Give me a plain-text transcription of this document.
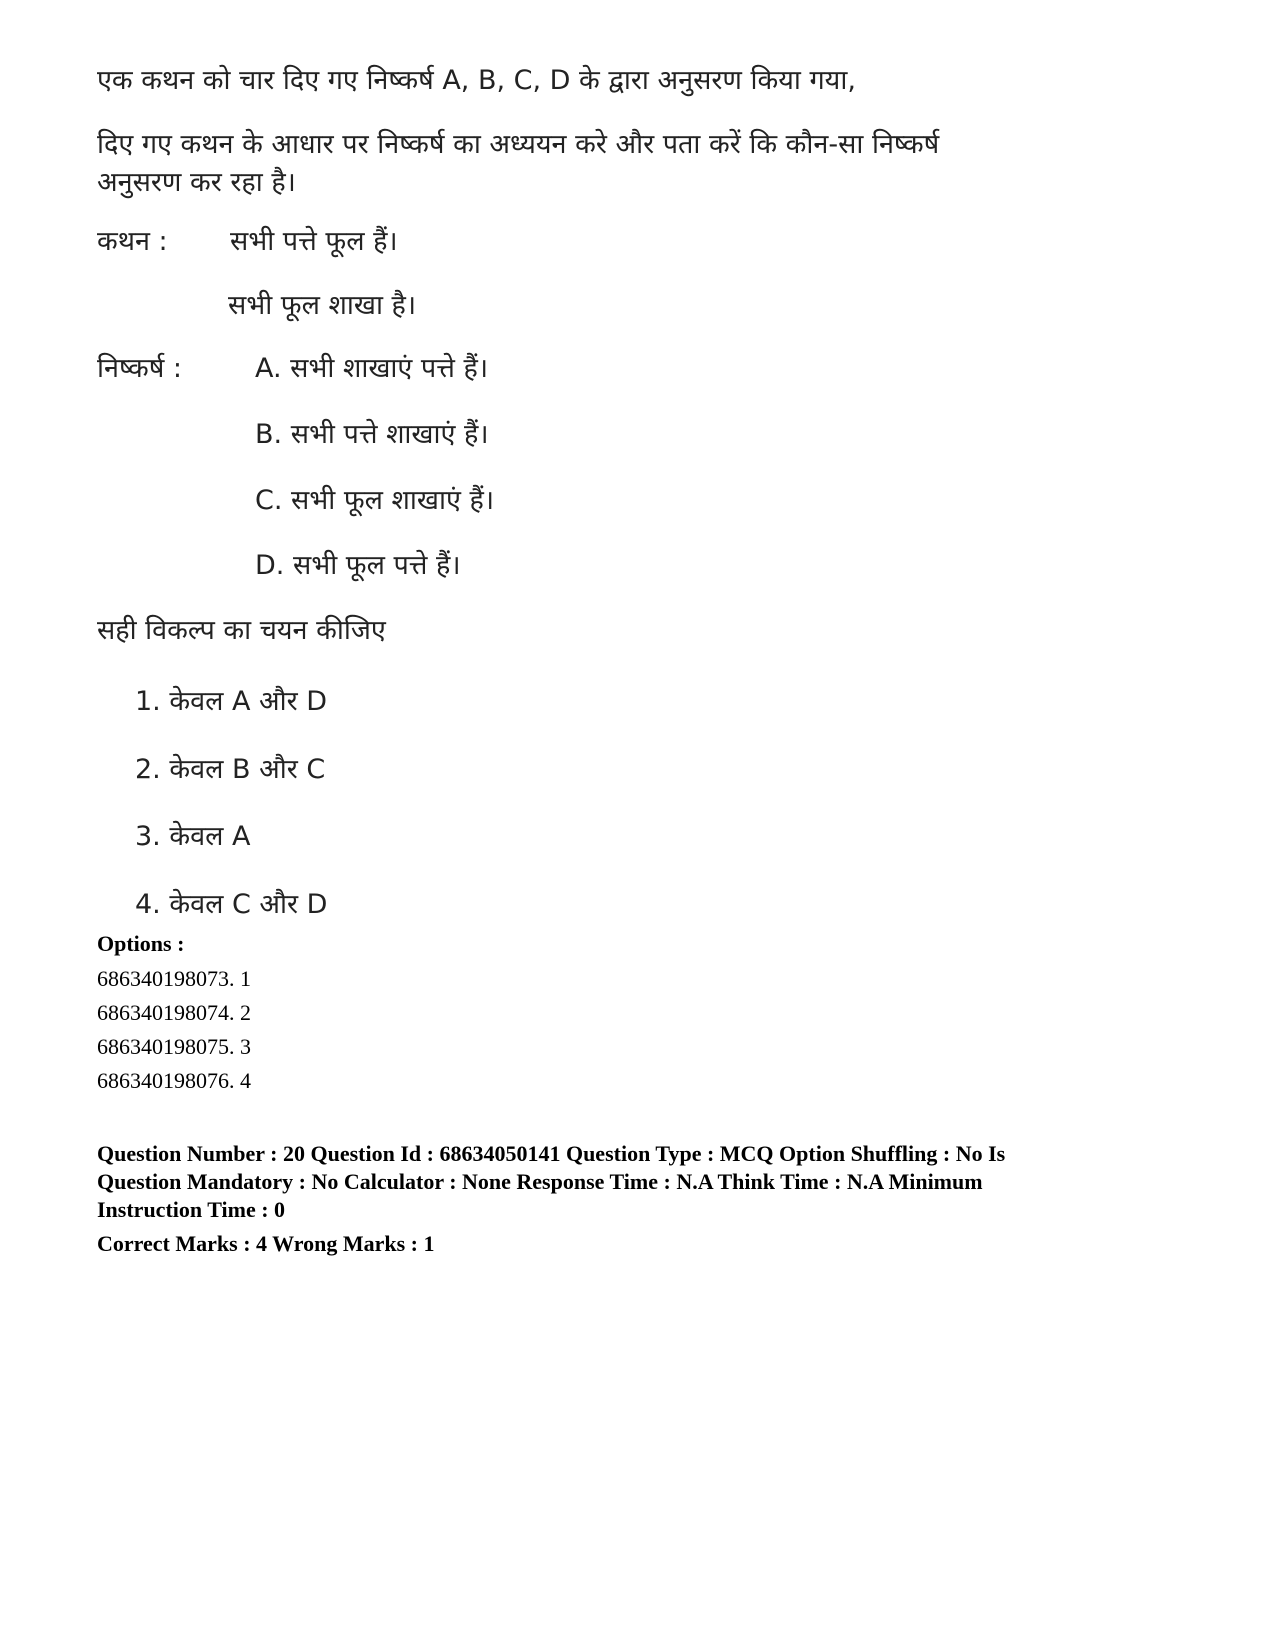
एक कथन को चार दिए गए निष्कर्ष A, B, C, D के द्वारा अनुसरण किया गया,
दिए गए कथन के आधार पर निष्कर्ष का अध्ययन करे और पता करें कि कौन-सा निष्कर्ष
अनुसरण कर रहा है।
कथन : सभी पत्ते फूल हैं।
सभी फूल शाखा है।
निष्कर्ष :	A. सभी शाखाएं पत्ते हैं।
B. सभी पत्ते शाखाएं हैं।
C. सभी फूल शाखाएं हैं।
D. सभी फूल पत्ते हैं।
सही विकल्प का चयन कीजिए
1. केवल A और D
2. केवल B और C
3. केवल A
4. केवल C और D
Options :
686340198073. 1
686340198074. 2
686340198075. 3
686340198076. 4
Question Number : 20 Question Id : 68634050141 Question Type : MCQ Option Shuffling : No Is
Question Mandatory : No Calculator : None Response Time : N.A Think Time : N.A Minimum
Instruction Time : 0
Correct Marks : 4 Wrong Marks : 1
